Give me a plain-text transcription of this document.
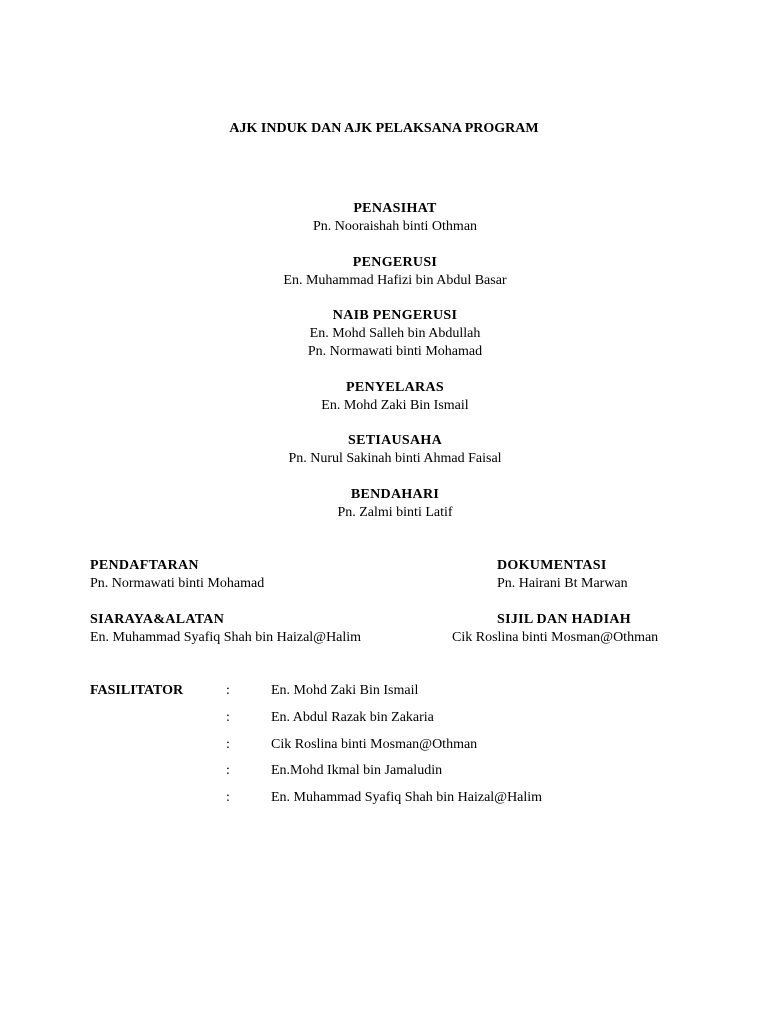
AJK INDUK DAN AJK PELAKSANA PROGRAM
PENASIHAT
Pn. Nooraishah binti Othman
PENGERUSI
En. Muhammad Hafizi bin Abdul Basar
NAIB PENGERUSI
En. Mohd Salleh bin Abdullah
Pn. Normawati binti Mohamad
PENYELARAS
En. Mohd Zaki Bin Ismail
SETIAUSAHA
Pn. Nurul Sakinah binti Ahmad Faisal
BENDAHARI
Pn. Zalmi binti Latif
PENDAFTARAN
Pn. Normawati binti Mohamad
DOKUMENTASI
Pn. Hairani Bt Marwan
SIARAYA&ALATAN
En. Muhammad Syafiq Shah bin Haizal@Halim
SIJIL DAN HADIAH
Cik Roslina binti Mosman@Othman
FASILITATOR	:	En. Mohd Zaki Bin Ismail
:	En. Abdul Razak bin Zakaria
:	Cik Roslina binti Mosman@Othman
:	En.Mohd Ikmal bin Jamaludin
:	En. Muhammad Syafiq Shah bin Haizal@Halim
